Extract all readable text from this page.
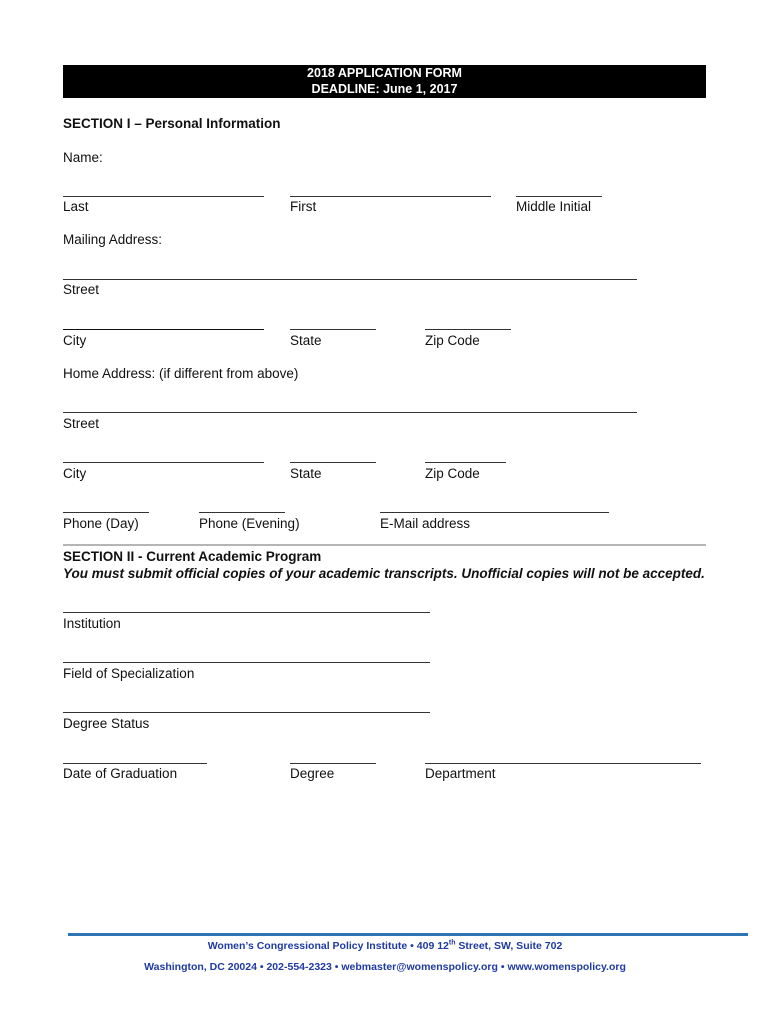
2018 APPLICATION FORM
DEADLINE: June 1, 2017
SECTION I – Personal Information
Name:
Last	First	Middle Initial
Mailing Address:
Street
City	State	Zip Code
Home Address: (if different from above)
Street
City	State	Zip Code
Phone (Day)	Phone (Evening)	E-Mail address
SECTION II - Current Academic Program
You must submit official copies of your academic transcripts. Unofficial copies will not be accepted.
Institution
Field of Specialization
Degree Status
Date of Graduation	Degree	Department
Women’s Congressional Policy Institute • 409 12th Street, SW, Suite 702
Washington, DC 20024 • 202-554-2323 • webmaster@womenspolicy.org • www.womenspolicy.org
